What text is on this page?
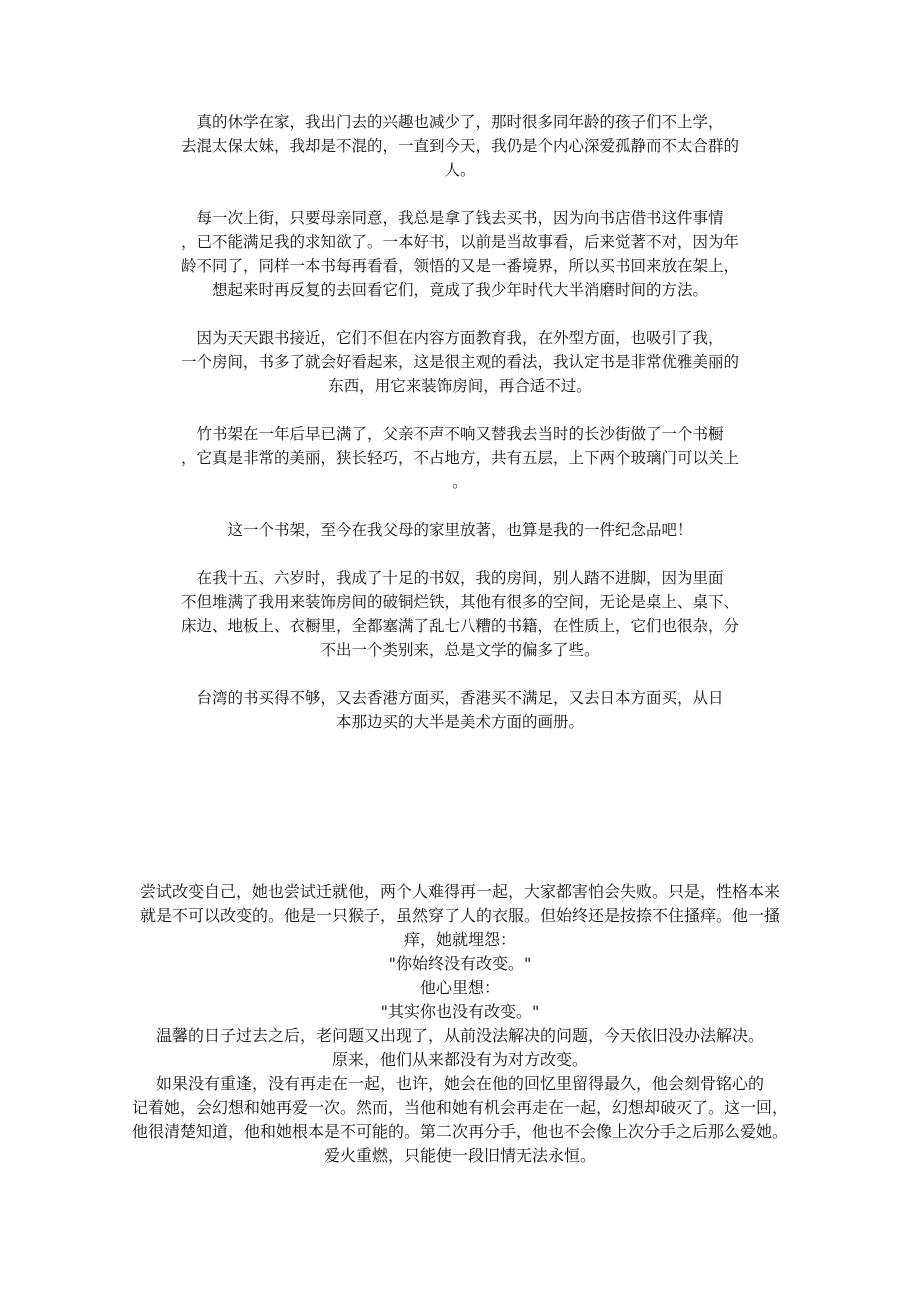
真的休学在家，我出门去的兴趣也减少了，那时很多同年龄的孩子们不上学，
去混太保太妹，我却是不混的，一直到今天，我仍是个内心深爱孤静而不太合群的
人。
每一次上街，只要母亲同意，我总是拿了钱去买书，因为向书店借书这件事情
，已不能满足我的求知欲了。一本好书，以前是当故事看，后来觉著不对，因为年
龄不同了，同样一本书每再看看，领悟的又是一番境界，所以买书回来放在架上，
想起来时再反复的去回看它们，竟成了我少年时代大半消磨时间的方法。
因为天天跟书接近，它们不但在内容方面教育我，在外型方面，也吸引了我，
一个房间，书多了就会好看起来，这是很主观的看法，我认定书是非常优雅美丽的
东西，用它来装饰房间，再合适不过。
竹书架在一年后早已满了，父亲不声不响又替我去当时的长沙街做了一个书橱
，它真是非常的美丽，狭长轻巧，不占地方，共有五层，上下两个玻璃门可以关上
。
这一个书架，至今在我父母的家里放著，也算是我的一件纪念品吧！
在我十五、六岁时，我成了十足的书奴，我的房间，别人踏不进脚，因为里面
不但堆满了我用来装饰房间的破铜烂铁，其他有很多的空间，无论是桌上、桌下、
床边、地板上、衣橱里，全都塞满了乱七八糟的书籍，在性质上，它们也很杂，分
不出一个类别来，总是文学的偏多了些。
台湾的书买得不够，又去香港方面买，香港买不满足，又去日本方面买，从日
本那边买的大半是美术方面的画册。
尝试改变自己，她也尝试迁就他，两个人难得再一起，大家都害怕会失败。只是，性格本来
就是不可以改变的。他是一只猴子，虽然穿了人的衣服。但始终还是按捺不住搔痒。他一搔
痒，她就埋怨：
"你始终没有改变。"
他心里想：
"其实你也没有改变。"
温馨的日子过去之后，老问题又出现了，从前没法解决的问题，今天依旧没办法解决。
原来，他们从来都没有为对方改变。
如果没有重逢，没有再走在一起，也许，她会在他的回忆里留得最久，他会刻骨铭心的
记着她，会幻想和她再爱一次。然而，当他和她有机会再走在一起，幻想却破灭了。这一回，
他很清楚知道，他和她根本是不可能的。第二次再分手，他也不会像上次分手之后那么爱她。
爱火重燃，只能使一段旧情无法永恒。
